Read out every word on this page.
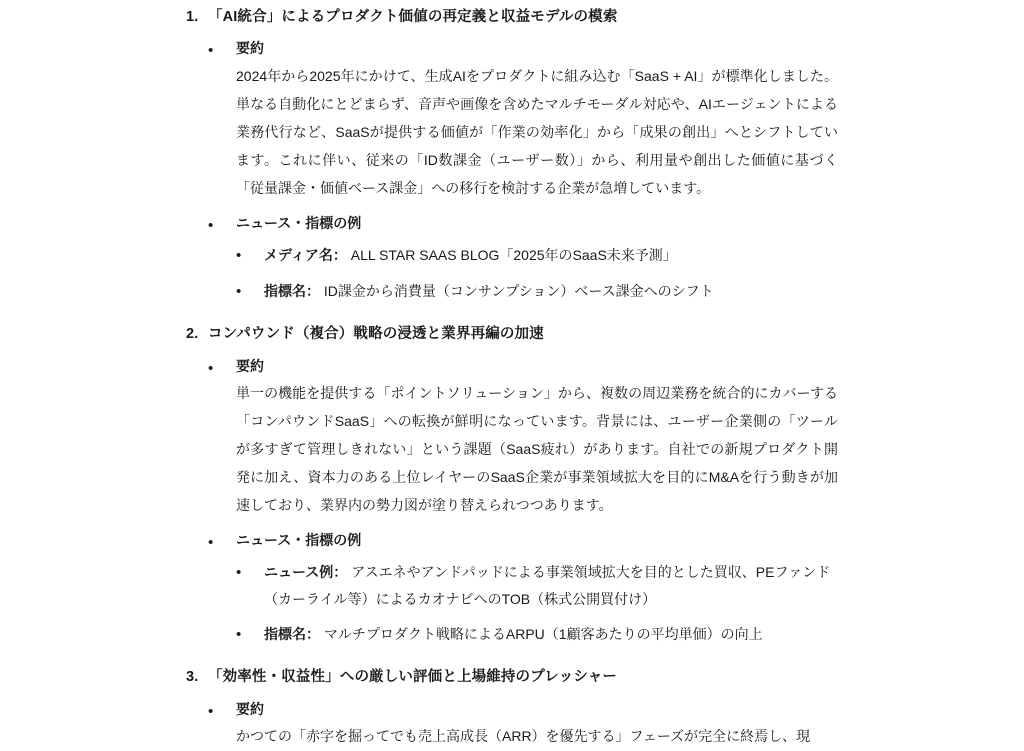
1. 「AI統合」によるプロダクト価値の再定義と収益モデルの模索
•
要約
2024年から2025年にかけて、生成AIをプロダクトに組み込む「SaaS + AI」が標準化しました。単なる自動化にとどまらず、音声や画像を含めたマルチモーダル対応や、AIエージェントによる業務代行など、SaaSが提供する価値が「作業の効率化」から「成果の創出」へとシフトしています。これに伴い、従来の「ID数課金（ユーザー数）」から、利用量や創出した価値に基づく「従量課金・価値ベース課金」への移行を検討する企業が急増しています。
•
ニュース・指標の例
•
メディア名： ALL STAR SAAS BLOG「2025年のSaaS未来予測」
•
指標名： ID課金から消費量（コンサンプション）ベース課金へのシフト
2. コンパウンド（複合）戦略の浸透と業界再編の加速
•
要約
単一の機能を提供する「ポイントソリューション」から、複数の周辺業務を統合的にカバーする「コンパウンドSaaS」への転換が鮮明になっています。背景には、ユーザー企業側の「ツールが多すぎて管理しきれない」という課題（SaaS疲れ）があります。自社での新規プロダクト開発に加え、資本力のある上位レイヤーのSaaS企業が事業領域拡大を目的にM&Aを行う動きが加速しており、業界内の勢力図が塗り替えられつつあります。
•
ニュース・指標の例
•
ニュース例： アスエネやアンドパッドによる事業領域拡大を目的とした買収、PEファンド（カーライル等）によるカオナビへのTOB（株式公開買付け）
•
指標名： マルチプロダクト戦略によるARPU（1顧客あたりの平均単価）の向上
3. 「効率性・収益性」への厳しい評価と上場維持のプレッシャー
•
要約
かつての「赤字を掘ってでも売上高成長（ARR）を優先する」フェーズが完全に終焉し、現
